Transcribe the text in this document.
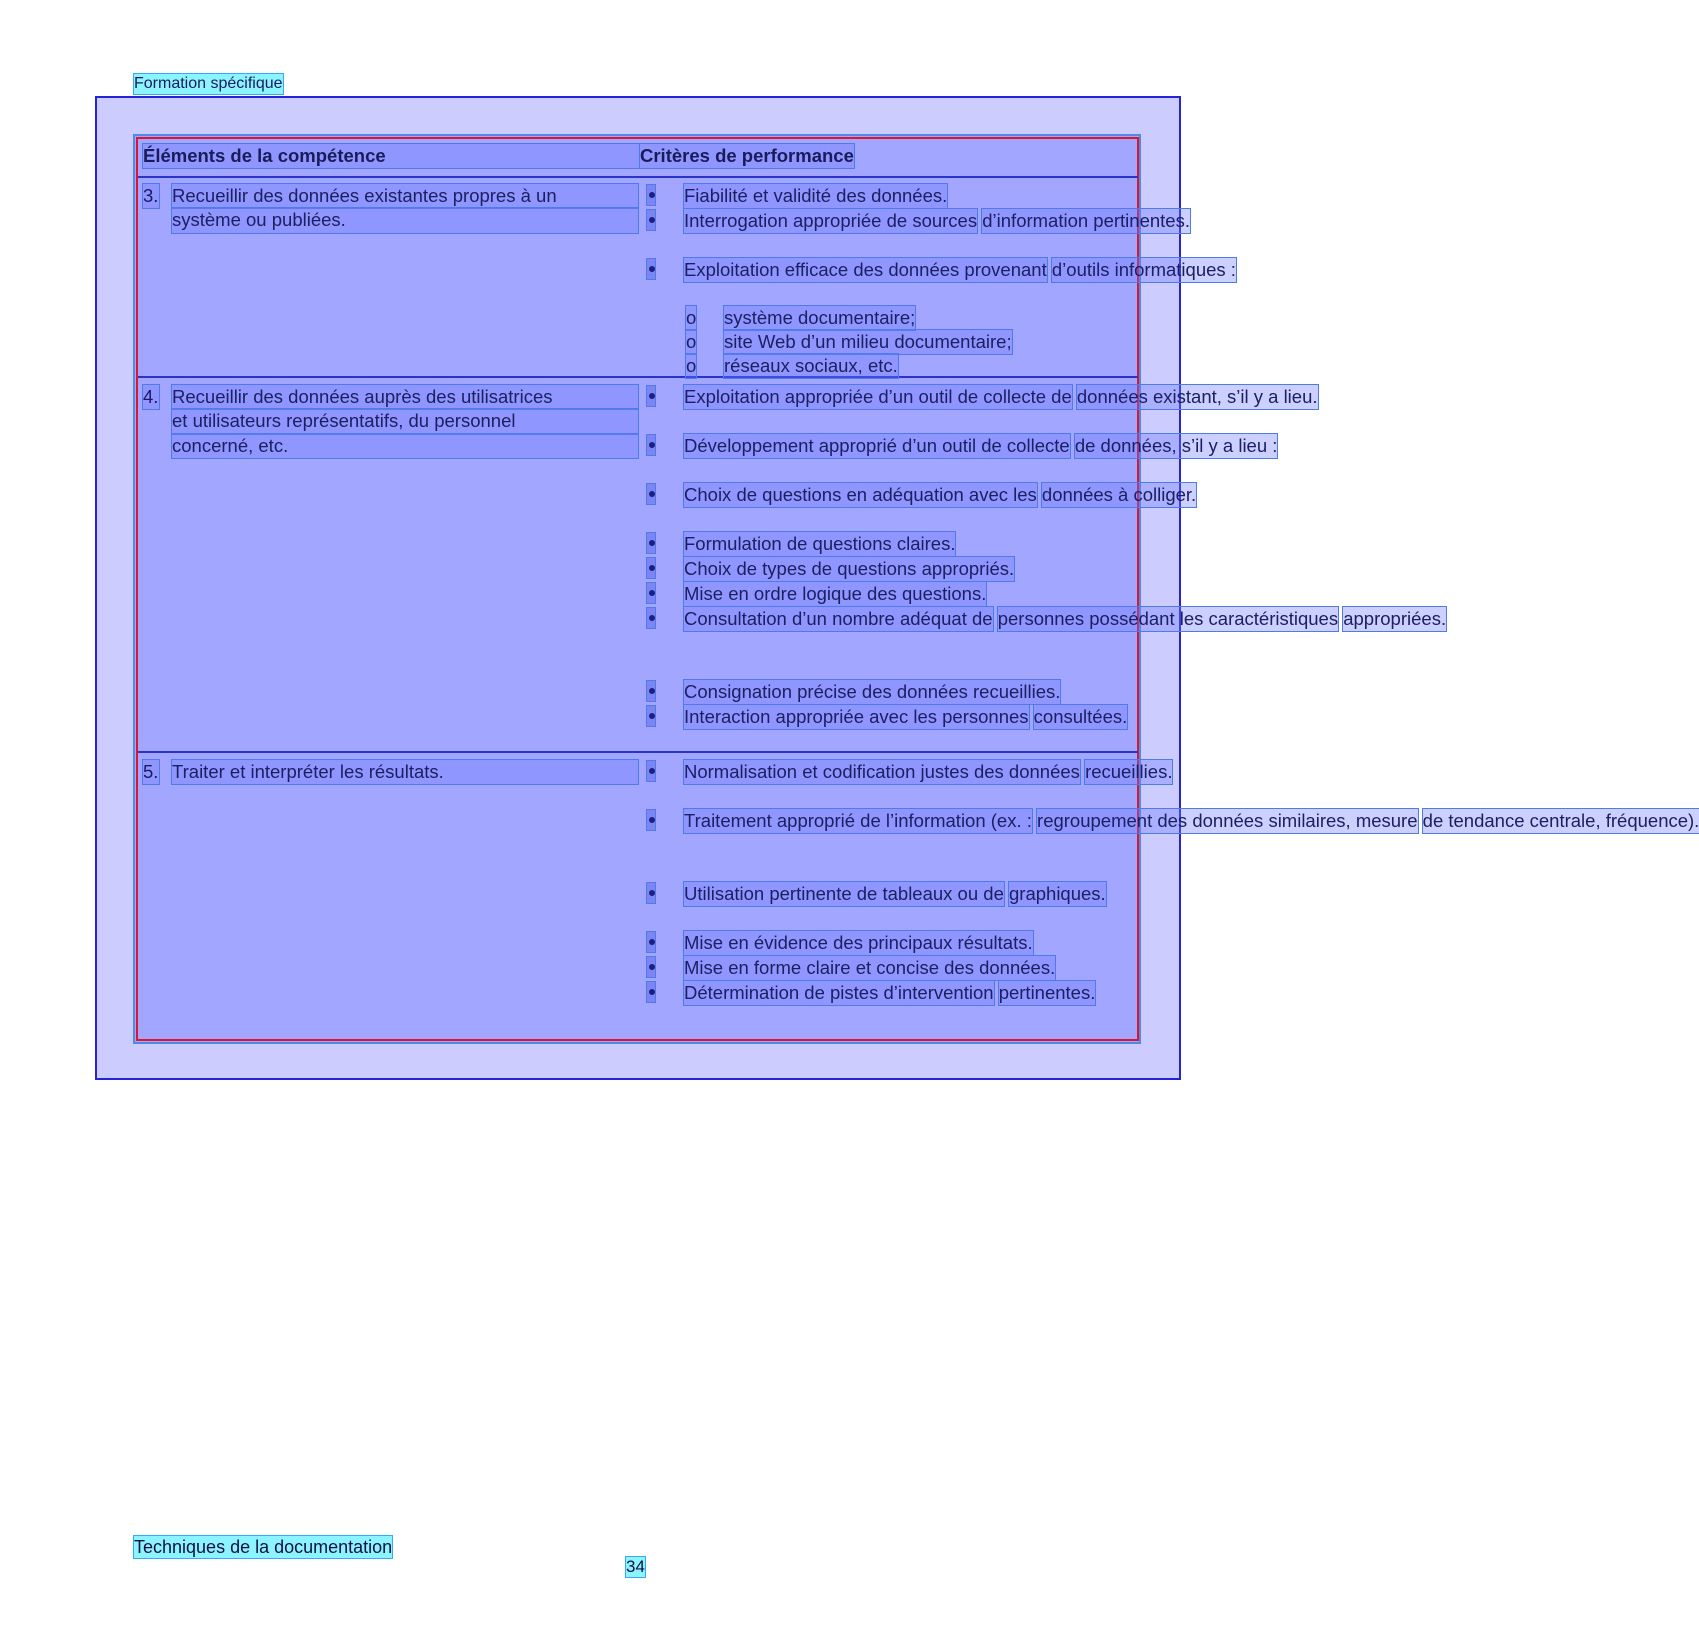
Formation spécifique
Éléments de la compétence	Critères de performance
3. Recueillir des données existantes propres à un
système ou publiées.
Fiabilité et validité des données.
Interrogation appropriée de sources d’information pertinentes.
Exploitation efficace des données provenant d’outils informatiques :
o système documentaire;
o site Web d’un milieu documentaire;
o réseaux sociaux, etc.
4. Recueillir des données auprès des utilisatrices
et utilisateurs représentatifs, du personnel
concerné, etc.
Exploitation appropriée d’un outil de collecte de données existant, s’il y a lieu.
Développement approprié d’un outil de collecte de données, s’il y a lieu :
Choix de questions en adéquation avec les données à colliger.
Formulation de questions claires.
Choix de types de questions appropriés.
Mise en ordre logique des questions.
Consultation d’un nombre adéquat de personnes possédant les caractéristiques appropriées.
Consignation précise des données recueillies.
Interaction appropriée avec les personnes consultées.
5. Traiter et interpréter les résultats.	Normalisation et codification justes des données recueillies.
Traitement approprié de l’information (ex. : regroupement des données similaires, mesure de tendance centrale, fréquence).
Utilisation pertinente de tableaux ou de graphiques.
Mise en évidence des principaux résultats.
Mise en forme claire et concise des données.
Détermination de pistes d’intervention pertinentes.
Techniques de la documentation
34
